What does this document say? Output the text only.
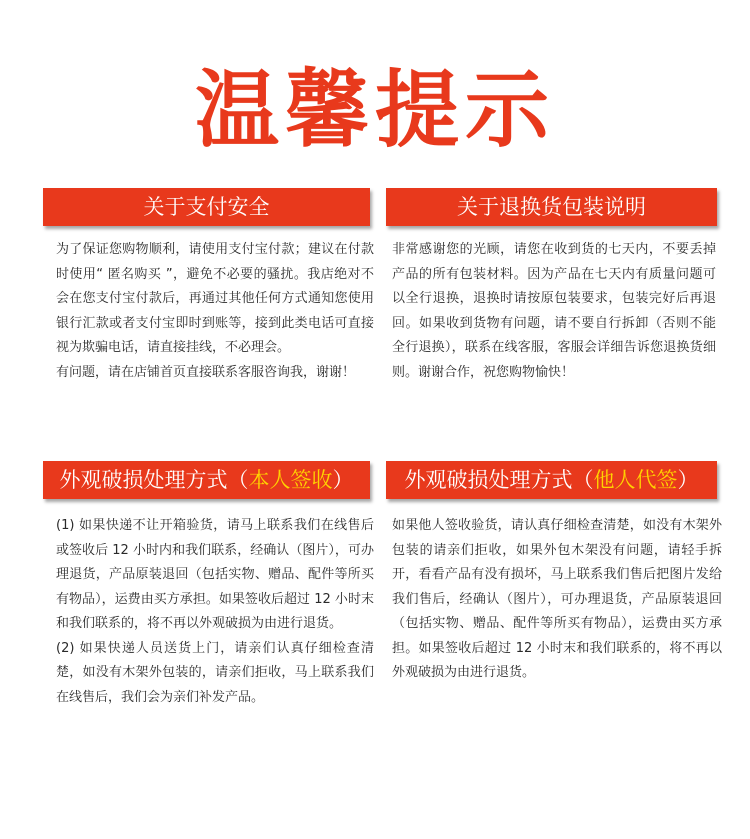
温馨提示
关于支付安全

为了保证您购物顺利，请使用支付宝付款；建议在付款时使用“ 匿名购买 ”，避免不必要的骚扰。我店绝对不会在您支付宝付款后，再通过其他任何方式通知您使用银行汇款或者支付宝即时到账等，接到此类电话可直接视为欺骗电话，请直接挂线，不必理会。

有问题，请在店铺首页直接联系客服咨询我，谢谢！

关于退换货包装说明

非常感谢您的光顾，请您在收到货的七天内，不要丢掉产品的所有包装材料。因为产品在七天内有质量问题可以全行退换，退换时请按原包装要求，包装完好后再退回。如果收到货物有问题，请不要自行拆卸（否则不能全行退换），联系在线客服，客服会详细告诉您退换货细则。谢谢合作，祝您购物愉快！

外观破损处理方式（本人签收）

(1) 如果快递不让开箱验货，请马上联系我们在线售后或签收后 12 小时内和我们联系，经确认（图片），可办理退货，产品原装退回（包括实物、赠品、配件等所买有物品），运费由买方承担。如果签收后超过 12 小时末和我们联系的，将不再以外观破损为由进行退货。

(2) 如果快递人员送货上门，请亲们认真仔细检查清楚，如没有木架外包装的，请亲们拒收，马上联系我们在线售后，我们会为亲们补发产品。

外观破损处理方式（他人代签）

如果他人签收验货，请认真仔细检查清楚，如没有木架外包装的请亲们拒收，如果外包木架没有问题，请轻手拆开，看看产品有没有损坏，马上联系我们售后把图片发给我们售后，经确认（图片），可办理退货，产品原装退回（包括实物、赠品、配件等所买有物品），运费由买方承担。如果签收后超过 12 小时末和我们联系的，将不再以外观破损为由进行退货。
